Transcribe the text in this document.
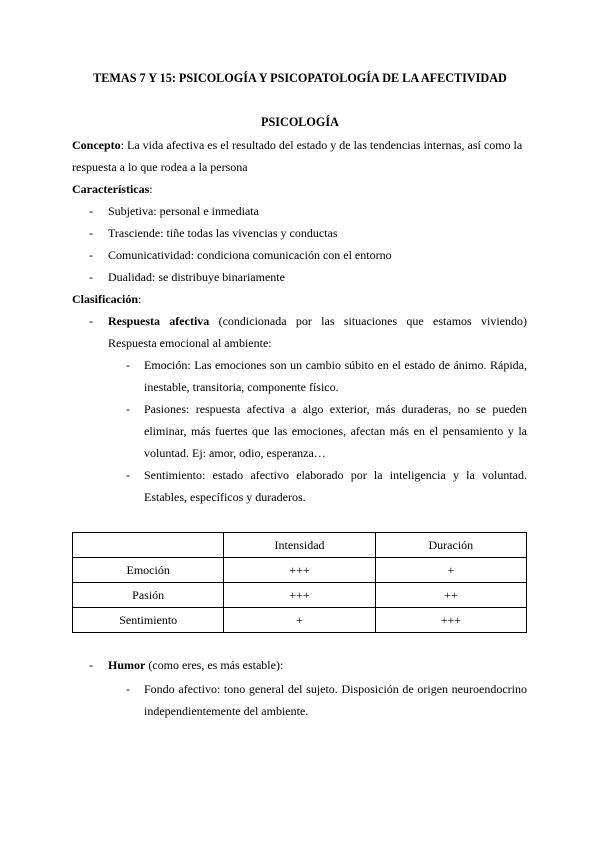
TEMAS 7 Y 15: PSICOLOGÍA Y PSICOPATOLOGÍA DE LA AFECTIVIDAD
PSICOLOGÍA
Concepto: La vida afectiva es el resultado del estado y de las tendencias internas, así como la
respuesta a lo que rodea a la persona
Características:
- Subjetiva: personal e inmediata
- Trasciende: tiñe todas las vivencias y conductas
- Comunicatividad: condiciona comunicación con el entorno
- Dualidad: se distribuye binariamente
Clasificación:
- Respuesta afectiva (condicionada por las situaciones que estamos viviendo)
Respuesta emocional al ambiente:
- Emoción: Las emociones son un cambio súbito en el estado de ánimo. Rápida,
inestable, transitoria, componente físico.
- Pasiones: respuesta afectiva a algo exterior, más duraderas, no se pueden
eliminar, más fuertes que las emociones, afectan más en el pensamiento y la
voluntad. Ej: amor, odio, esperanza…
- Sentimiento: estado afectivo elaborado por la inteligencia y la voluntad.
Estables, específicos y duraderos.
	Intensidad	Duración
Emoción	+++	+
Pasión	+++	++
Sentimiento	+	+++
- Humor (como eres, es más estable):
- Fondo afectivo: tono general del sujeto. Disposición de origen neuroendocrino
independientemente del ambiente.
